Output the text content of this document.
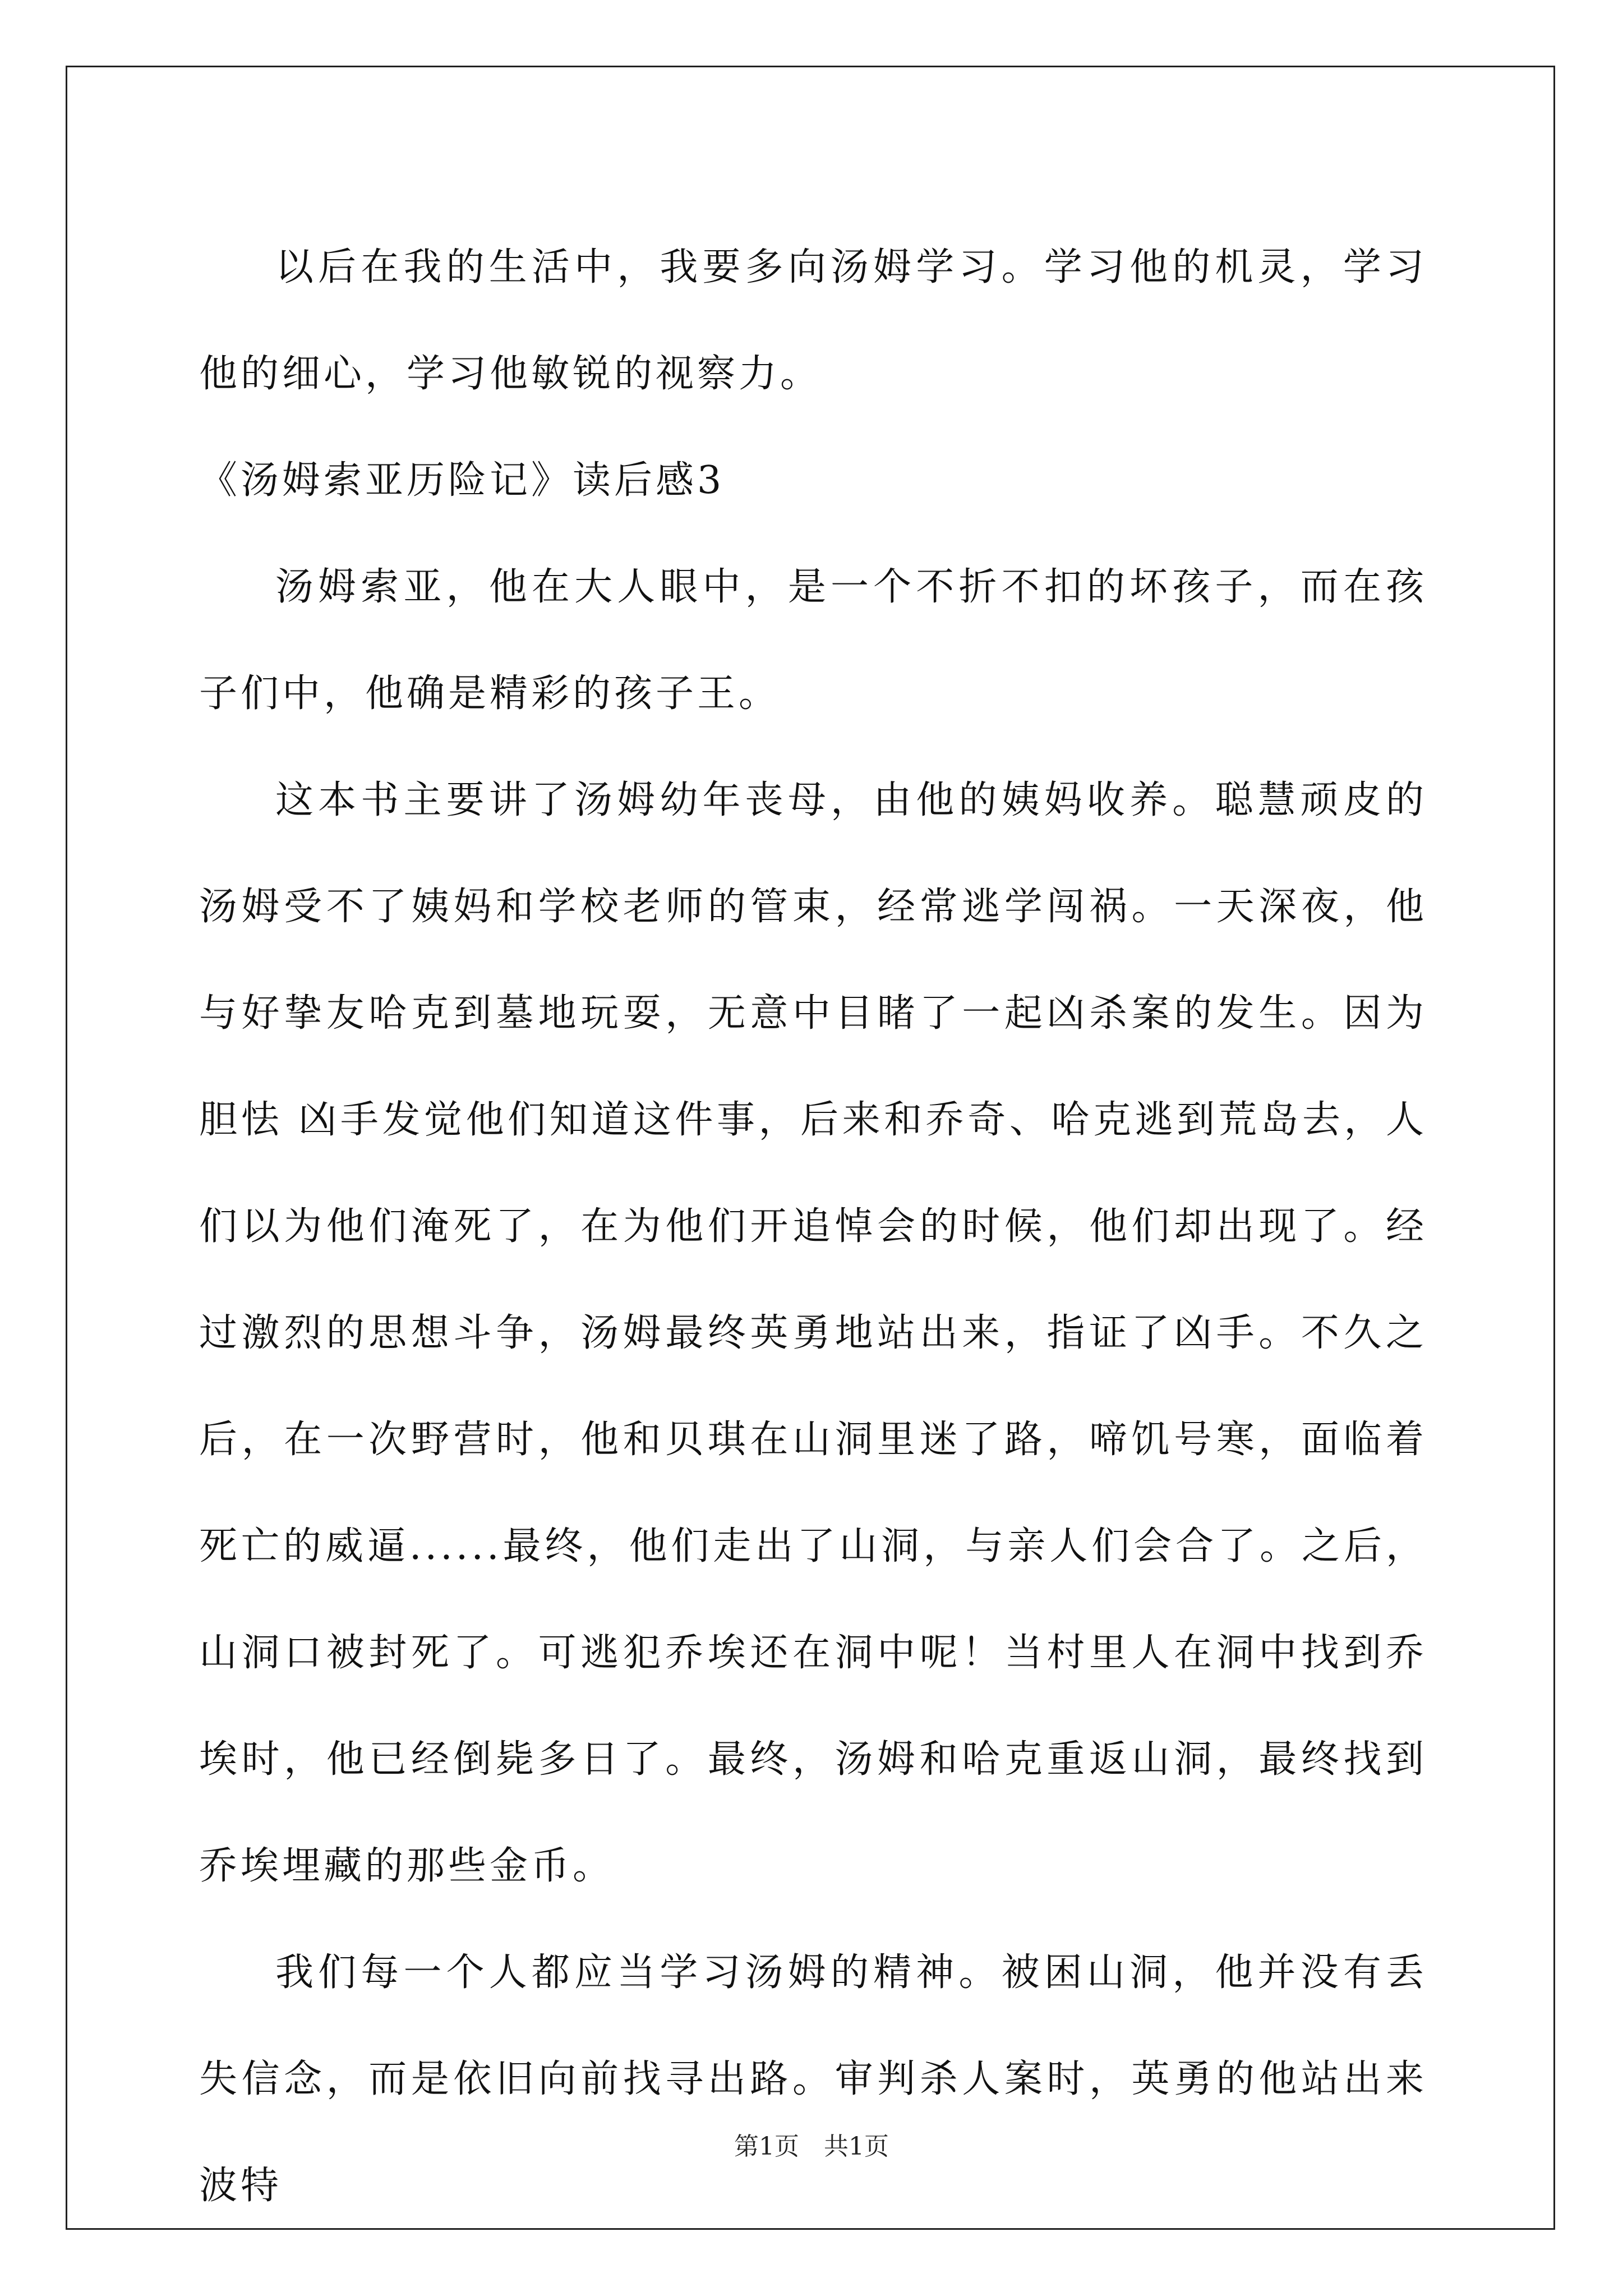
以后在我的生活中，我要多向汤姆学习。学习他的机灵，学习他的细心，学习他敏锐的视察力。

《汤姆索亚历险记》读后感3

汤姆索亚，他在大人眼中，是一个不折不扣的坏孩子，而在孩子们中，他确是精彩的孩子王。

这本书主要讲了汤姆幼年丧母，由他的姨妈收养。聪慧顽皮的汤姆受不了姨妈和学校老师的管束，经常逃学闯祸。一天深夜，他与好挚友哈克到墓地玩耍，无意中目睹了一起凶杀案的发生。因为胆怯 凶手发觉他们知道这件事，后来和乔奇、哈克逃到荒岛去，人们以为他们淹死了，在为他们开追悼会的时候，他们却出现了。经过激烈的思想斗争，汤姆最终英勇地站出来，指证了凶手。不久之后，在一次野营时，他和贝琪在山洞里迷了路，啼饥号寒，面临着死亡的威逼......最终，他们走出了山洞，与亲人们会合了。之后，山洞口被封死了。可逃犯乔埃还在洞中呢！当村里人在洞中找到乔埃时，他已经倒毙多日了。最终，汤姆和哈克重返山洞，最终找到乔埃埋藏的那些金币。

我们每一个人都应当学习汤姆的精神。被困山洞，他并没有丢失信念，而是依旧向前找寻出路。审判杀人案时，英勇的他站出来波特

第1页　共1页
